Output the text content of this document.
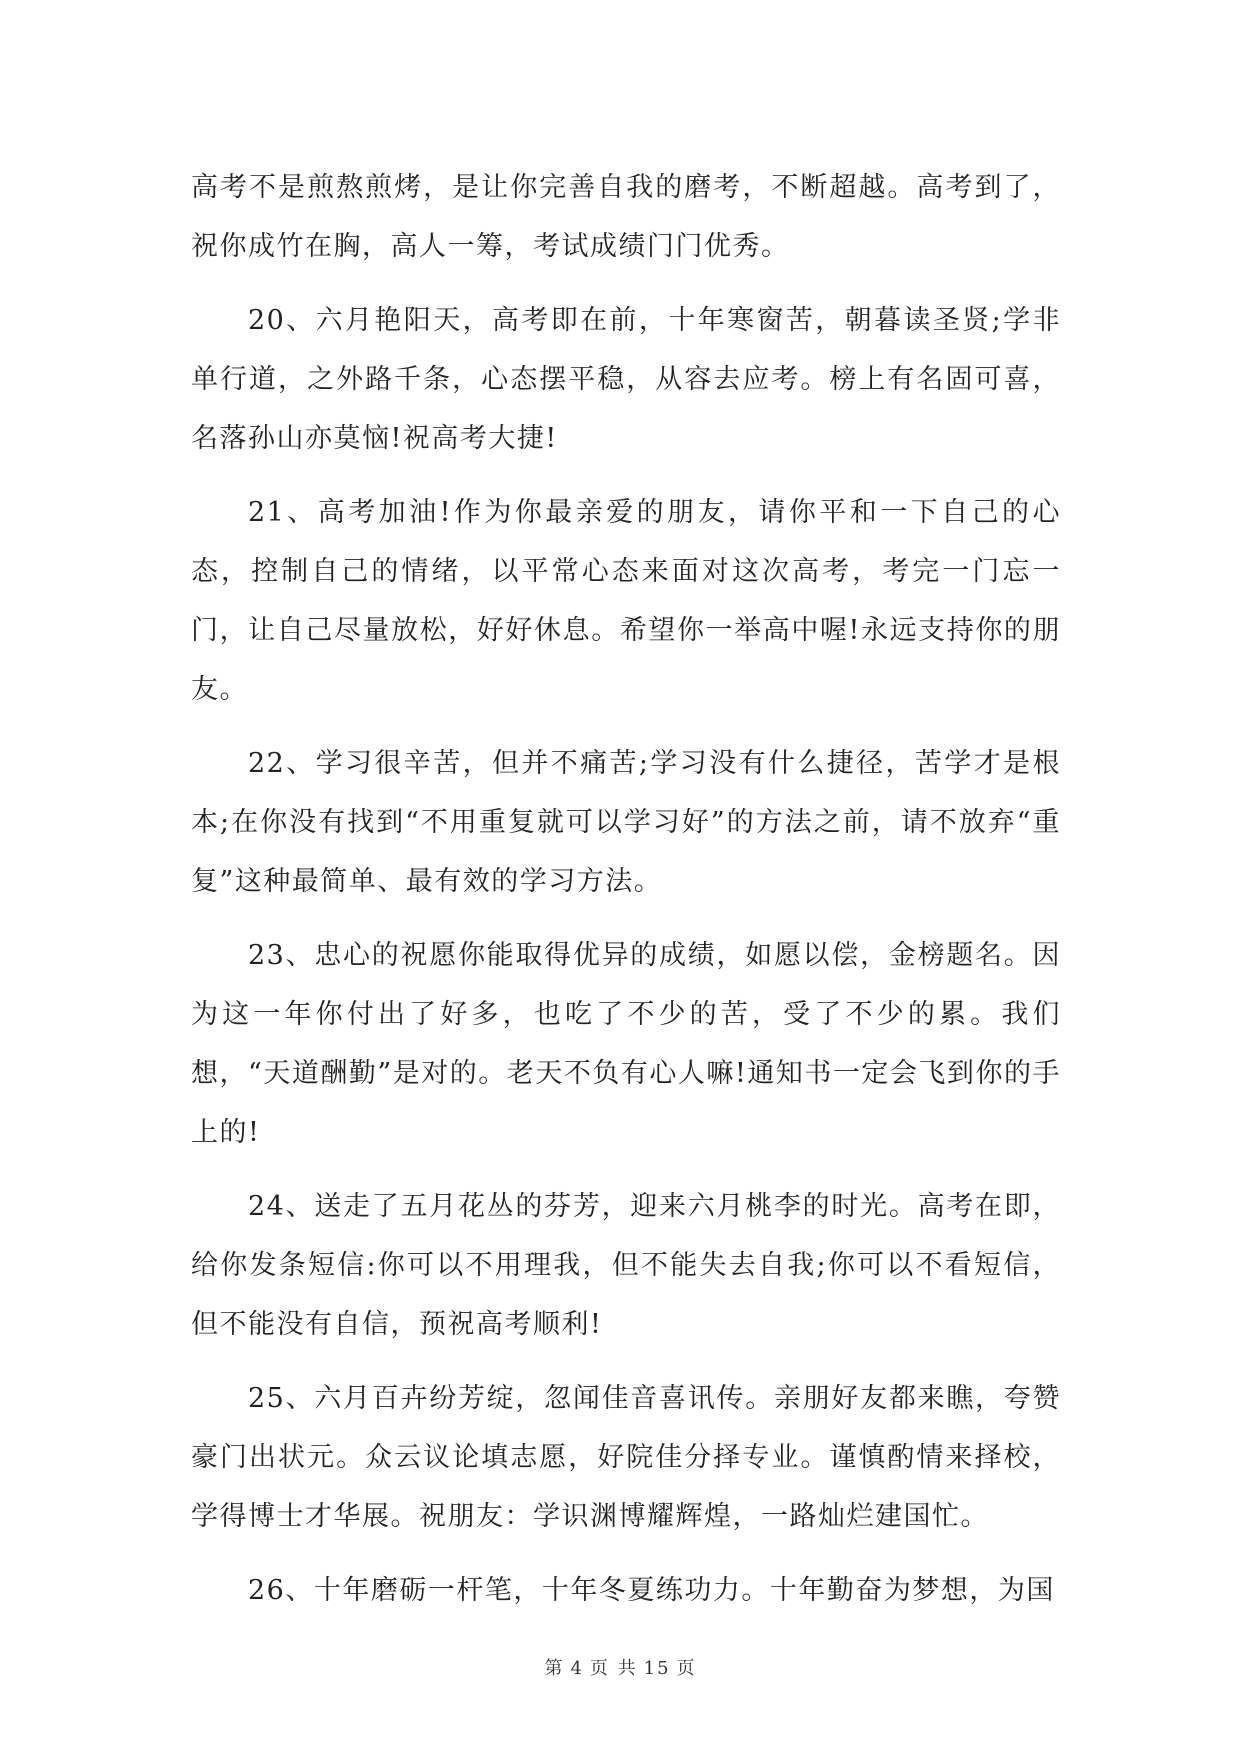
高考不是煎熬煎烤，是让你完善自我的磨考，不断超越。高考到了，祝你成竹在胸，高人一筹，考试成绩门门优秀。

20、六月艳阳天，高考即在前，十年寒窗苦，朝暮读圣贤;学非单行道，之外路千条，心态摆平稳，从容去应考。榜上有名固可喜，名落孙山亦莫恼!祝高考大捷!

21、高考加油!作为你最亲爱的朋友，请你平和一下自己的心态，控制自己的情绪，以平常心态来面对这次高考，考完一门忘一门，让自己尽量放松，好好休息。希望你一举高中喔!永远支持你的朋友。

22、学习很辛苦，但并不痛苦;学习没有什么捷径，苦学才是根本;在你没有找到“不用重复就可以学习好”的方法之前，请不放弃“重复”这种最简单、最有效的学习方法。

23、忠心的祝愿你能取得优异的成绩，如愿以偿，金榜题名。因为这一年你付出了好多，也吃了不少的苦，受了不少的累。我们想，“天道酬勤”是对的。老天不负有心人嘛!通知书一定会飞到你的手上的!

24、送走了五月花丛的芬芳，迎来六月桃李的时光。高考在即，给你发条短信:你可以不用理我，但不能失去自我;你可以不看短信，但不能没有自信，预祝高考顺利!

25、六月百卉纷芳绽，忽闻佳音喜讯传。亲朋好友都来瞧，夸赞豪门出状元。众云议论填志愿，好院佳分择专业。谨慎酌情来择校，学得博士才华展。祝朋友：学识渊博耀辉煌，一路灿烂建国忙。

26、十年磨砺一杆笔，十年冬夏练功力。十年勤奋为梦想，为国

第 4 页 共 15 页
